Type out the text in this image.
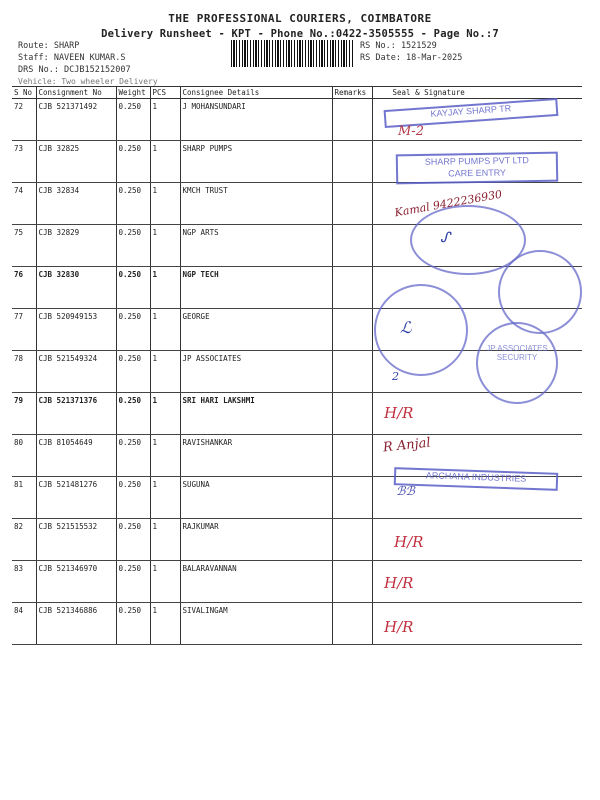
THE PROFESSIONAL COURIERS, COIMBATORE
Delivery Runsheet - KPT - Phone No.:0422-3505555 - Page No.:7
Route: SHARP
Staff: NAVEEN KUMAR.S
DRS No.: DCJB152152007
RS No.: 1521529
RS Date: 18-Mar-2025
Vehicle: Two wheeler Delivery
S No	Consignment No	Weight	PCS	Consignee Details	Remarks	Seal & Signature
72	CJB 521371492	0.250	1	J MOHANSUNDARI		
73	CJB 32825	0.250	1	SHARP PUMPS		
74	CJB 32834	0.250	1	KMCH TRUST		
75	CJB 32829	0.250	1	NGP ARTS		
76	CJB 32830	0.250	1	NGP TECH		
77	CJB 520949153	0.250	1	GEORGE		
78	CJB 521549324	0.250	1	JP ASSOCIATES		
79	CJB 521371376	0.250	1	SRI HARI LAKSHMI		
80	CJB 81054649	0.250	1	RAVISHANKAR		
81	CJB 521481276	0.250	1	SUGUNA		
82	CJB 521515532	0.250	1	RAJKUMAR		
83	CJB 521346970	0.250	1	BALARAVANNAN		
84	CJB 521346886	0.250	1	SIVALINGAM		
KAYJAY SHARP TR
M-2
SHARP PUMPS PVT LTD
CARE ENTRY
Kamal 9422236930
ᔑ
ℒ
JP ASSOCIATES
SECURITY
2
H/R
R Anjal
ARCHANA INDUSTRIES
ℬℬ
H/R
H/R
H/R
